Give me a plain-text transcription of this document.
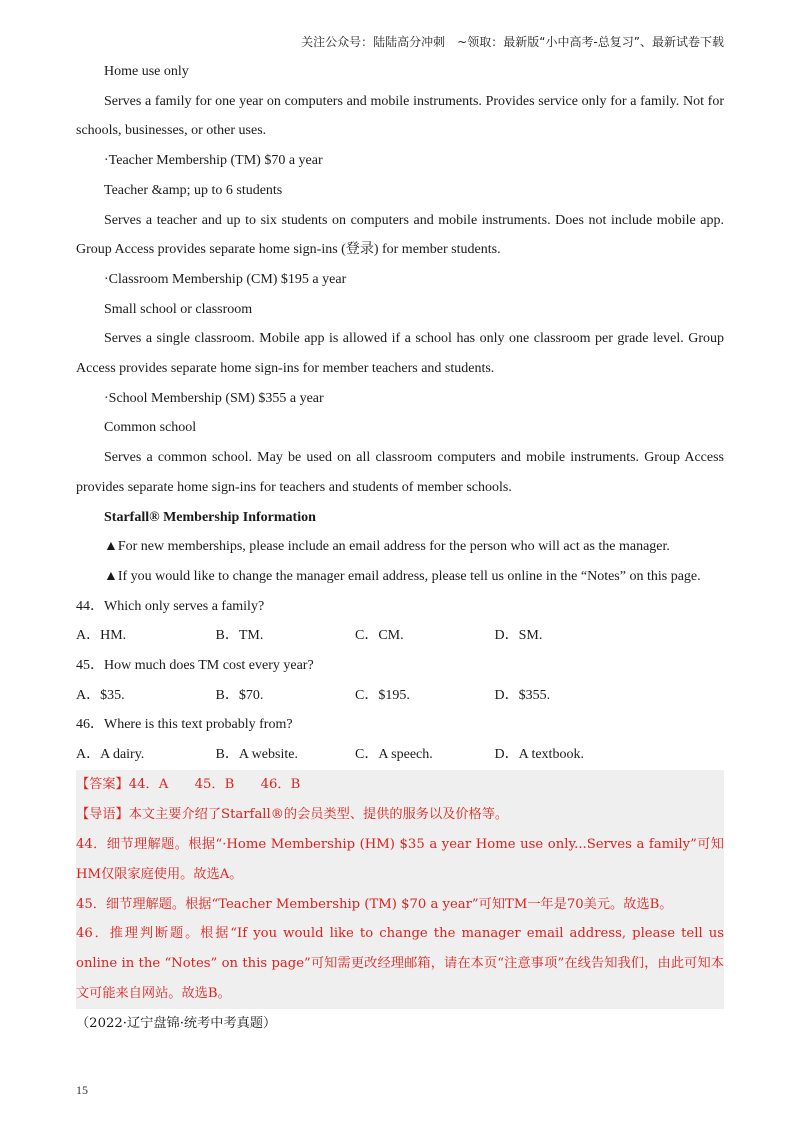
关注公众号：陆陆高分冲刺　~领取：最新版“小中高考-总复习”、最新试卷下载

Home use only

Serves a family for one year on computers and mobile instruments. Provides service only for a family. Not for schools, businesses, or other uses.

·Teacher Membership (TM) $70 a year

Teacher &amp; up to 6 students

Serves a teacher and up to six students on computers and mobile instruments. Does not include mobile app. Group Access provides separate home sign-ins (登录) for member students.

·Classroom Membership (CM) $195 a year

Small school or classroom

Serves a single classroom. Mobile app is allowed if a school has only one classroom per grade level. Group Access provides separate home sign-ins for member teachers and students.

·School Membership (SM) $355 a year

Common school

Serves a common school. May be used on all classroom computers and mobile instruments. Group Access provides separate home sign-ins for teachers and students of member schools.

Starfall® Membership Information

▲For new memberships, please include an email address for the person who will act as the manager.

▲If you would like to change the manager email address, please tell us online in the “Notes” on this page.

44．Which only serves a family?

A．HM.	B．TM.	C．CM.	D．SM.

45．How much does TM cost every year?

A．$35.	B．$70.	C．$195.	D．$355.

46．Where is this text probably from?

A．A dairy.	B．A website.	C．A speech.	D．A textbook.

【答案】44．A　　45．B　　46．B

【导语】本文主要介绍了Starfall®的会员类型、提供的服务以及价格等。

44．细节理解题。根据“·Home Membership (HM) $35 a year Home use only...Serves a family”可知HM仅限家庭使用。故选A。

45．细节理解题。根据“Teacher Membership (TM) $70 a year”可知TM一年是70美元。故选B。

46．推理判断题。根据“If you would like to change the manager email address, please tell us online in the “Notes” on this page”可知需更改经理邮箱，请在本页“注意事项”在线告知我们，由此可知本文可能来自网站。故选B。

（2022·辽宁盘锦·统考中考真题）

15
